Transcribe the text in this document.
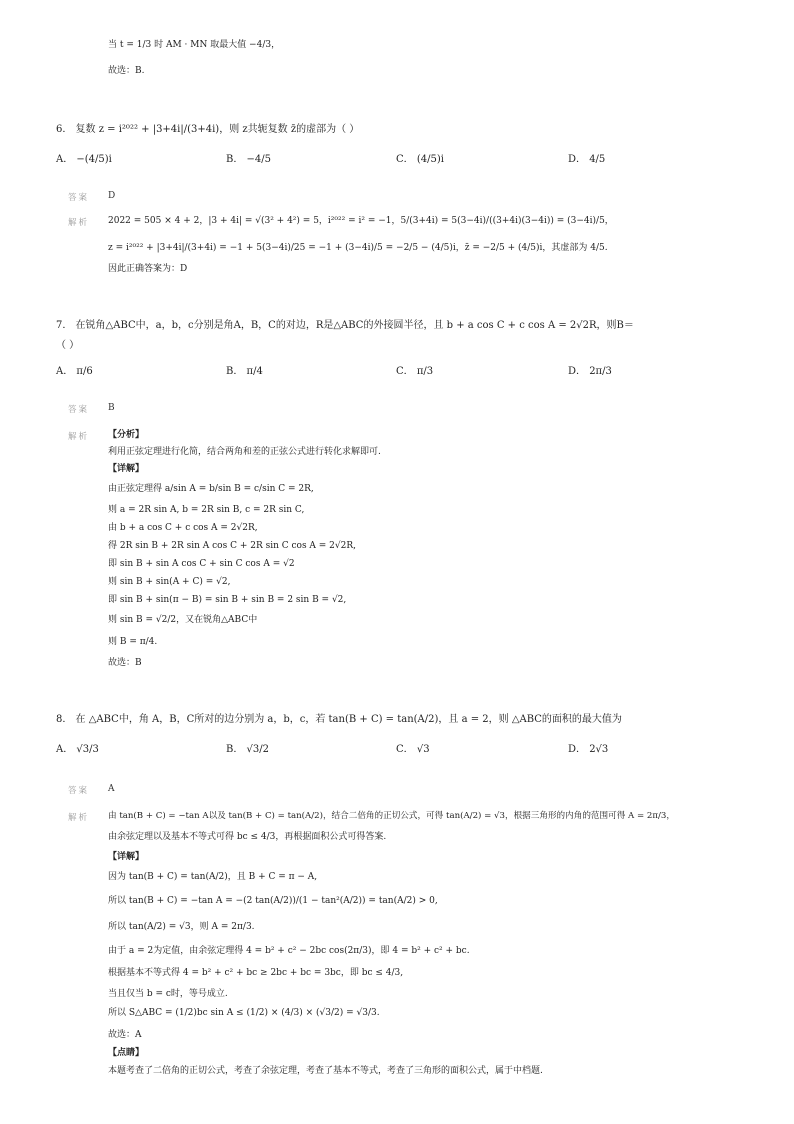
当 t = 1/3 时 AM · MN 取最大值 −4/3，
故选：B.
6． 复数 z = i²⁰²² + |3+4i|/(3+4i)，则 z共轭复数 z̄的虚部为（ ）
A． −(4/5)i	B． −4/5	C． (4/5)i	D． 4/5
答案 D
解析 2022 = 505 × 4 + 2，|3 + 4i| = √(3² + 4²) = 5，i²⁰²² = i² = −1，5/(3+4i) = 5(3−4i)/((3+4i)(3−4i)) = (3−4i)/5，
z = i²⁰²² + |3+4i|/(3+4i) = −1 + 5(3−4i)/25 = −1 + (3−4i)/5 = −2/5 − (4/5)i，z̄ = −2/5 + (4/5)i，其虚部为 4/5.
因此正确答案为：D
7． 在锐角△ABC中，a，b，c分别是角A，B，C的对边，R是△ABC的外接圆半径，且 b + a cos C + c cos A = 2√2R，则B＝
（ ）
A． π/6	B． π/4	C． π/3	D． 2π/3
答案 B
解析 【分析】
利用正弦定理进行化简，结合两角和差的正弦公式进行转化求解即可.
【详解】
由正弦定理得 a/sin A = b/sin B = c/sin C = 2R,
则 a = 2R sin A, b = 2R sin B, c = 2R sin C,
由 b + a cos C + c cos A = 2√2R,
得 2R sin B + 2R sin A cos C + 2R sin C cos A = 2√2R,
即 sin B + sin A cos C + sin C cos A = √2
则 sin B + sin(A + C) = √2,
即 sin B + sin(π − B) = sin B + sin B = 2 sin B = √2,
则 sin B = √2/2，又在锐角△ABC中
则 B = π/4.
故选：B
8． 在 △ABC中，角 A，B，C所对的边分别为 a，b，c，若 tan(B + C) = tan(A/2)，且 a = 2，则 △ABC的面积的最大值为
A． √3/3	B． √3/2	C． √3	D． 2√3
答案 A
解析 由 tan(B + C) = −tan A以及 tan(B + C) = tan(A/2)，结合二倍角的正切公式，可得 tan(A/2) = √3，根据三角形的内角的范围可得 A = 2π/3，
由余弦定理以及基本不等式可得 bc ≤ 4/3，再根据面积公式可得答案.
【详解】
因为 tan(B + C) = tan(A/2)，且 B + C = π − A,
所以 tan(B + C) = −tan A = −(2 tan(A/2))/(1 − tan²(A/2)) = tan(A/2) > 0,
所以 tan(A/2) = √3，则 A = 2π/3.
由于 a = 2为定值，由余弦定理得 4 = b² + c² − 2bc cos(2π/3)，即 4 = b² + c² + bc.
根据基本不等式得 4 = b² + c² + bc ≥ 2bc + bc = 3bc，即 bc ≤ 4/3,
当且仅当 b = c时，等号成立.
所以 S△ABC = (1/2)bc sin A ≤ (1/2) × (4/3) × (√3/2) = √3/3.
故选：A
【点睛】
本题考查了二倍角的正切公式，考查了余弦定理，考查了基本不等式，考查了三角形的面积公式，属于中档题.
